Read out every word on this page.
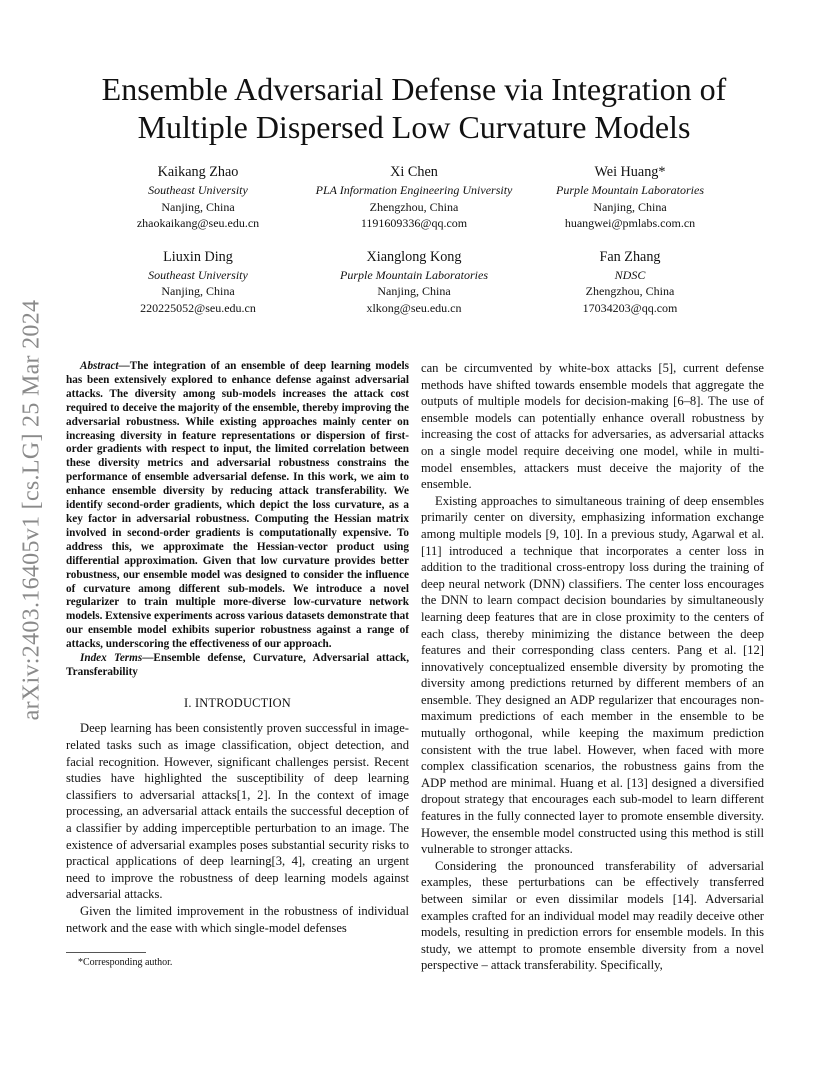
arXiv:2403.16405v1 [cs.LG] 25 Mar 2024
Ensemble Adversarial Defense via Integration of
Multiple Dispersed Low Curvature Models
Kaikang Zhao
Southeast University
Nanjing, China
zhaokaikang@seu.edu.cn
Xi Chen
PLA Information Engineering University
Zhengzhou, China
1191609336@qq.com
Wei Huang*
Purple Mountain Laboratories
Nanjing, China
huangwei@pmlabs.com.cn
Liuxin Ding
Southeast University
Nanjing, China
220225052@seu.edu.cn
Xianglong Kong
Purple Mountain Laboratories
Nanjing, China
xlkong@seu.edu.cn
Fan Zhang
NDSC
Zhengzhou, China
17034203@qq.com

Abstract—The integration of an ensemble of deep learning models has been extensively explored to enhance defense against adversarial attacks. The diversity among sub-models increases the attack cost required to deceive the majority of the ensemble, thereby improving the adversarial robustness. While existing approaches mainly center on increasing diversity in feature representations or dispersion of first-order gradients with respect to input, the limited correlation between these diversity metrics and adversarial robustness constrains the performance of ensemble adversarial defense. In this work, we aim to enhance ensemble diversity by reducing attack transferability. We identify second-order gradients, which depict the loss curvature, as a key factor in adversarial robustness. Computing the Hessian matrix involved in second-order gradients is computationally expensive. To address this, we approximate the Hessian-vector product using differential approximation. Given that low curvature provides better robustness, our ensemble model was designed to consider the influence of curvature among different sub-models. We introduce a novel regularizer to train multiple more-diverse low-curvature network models. Extensive experiments across various datasets demonstrate that our ensemble model exhibits superior robustness against a range of attacks, underscoring the effectiveness of our approach.

Index Terms—Ensemble defense, Curvature, Adversarial attack, Transferability

I. INTRODUCTION

Deep learning has been consistently proven successful in image-related tasks such as image classification, object detection, and facial recognition. However, significant challenges persist. Recent studies have highlighted the susceptibility of deep learning classifiers to adversarial attacks[1, 2]. In the context of image processing, an adversarial attack entails the successful deception of a classifier by adding imperceptible perturbation to an image. The existence of adversarial examples poses substantial security risks to practical applications of deep learning[3, 4], creating an urgent need to improve the robustness of deep learning models against adversarial attacks.

Given the limited improvement in the robustness of individual network and the ease with which single-model defenses

can be circumvented by white-box attacks [5], current defense methods have shifted towards ensemble models that aggregate the outputs of multiple models for decision-making [6–8]. The use of ensemble models can potentially enhance overall robustness by increasing the cost of attacks for adversaries, as adversarial attacks on a single model require deceiving one model, while in multi-model ensembles, attackers must deceive the majority of the ensemble.

Existing approaches to simultaneous training of deep ensembles primarily center on diversity, emphasizing information exchange among multiple models [9, 10]. In a previous study, Agarwal et al. [11] introduced a technique that incorporates a center loss in addition to the traditional cross-entropy loss during the training of deep neural network (DNN) classifiers. The center loss encourages the DNN to learn compact decision boundaries by simultaneously learning deep features that are in close proximity to the centers of each class, thereby minimizing the distance between the deep features and their corresponding class centers. Pang et al. [12] innovatively conceptualized ensemble diversity by promoting the diversity among predictions returned by different members of an ensemble. They designed an ADP regularizer that encourages non-maximum predictions of each member in the ensemble to be mutually orthogonal, while keeping the maximum prediction consistent with the true label. However, when faced with more complex classification scenarios, the robustness gains from the ADP method are minimal. Huang et al. [13] designed a diversified dropout strategy that encourages each sub-model to learn different features in the fully connected layer to promote ensemble diversity. However, the ensemble model constructed using this method is still vulnerable to stronger attacks.

Considering the pronounced transferability of adversarial examples, these perturbations can be effectively transferred between similar or even dissimilar models [14]. Adversarial examples crafted for an individual model may readily deceive other models, resulting in prediction errors for ensemble models. In this study, we attempt to promote ensemble diversity from a novel perspective – attack transferability. Specifically,

*Corresponding author.
